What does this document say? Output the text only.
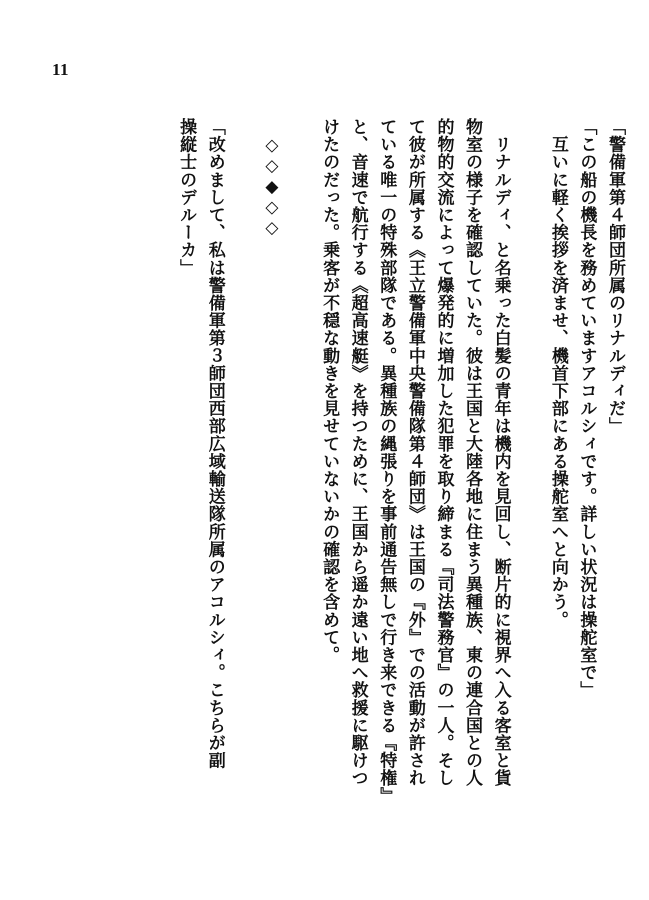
11

「警備軍第４師団所属のリナルディだ」

「この船の機長を務めていますアコルシィです。詳しい状況は操舵室で」

　互いに軽く挨拶を済ませ、機首下部にある操舵室へと向かう。

　リナルディ、と名乗った白髪の青年は機内を見回し、断片的に視界へ入る客室と貨

物室の様子を確認していた。彼は王国と大陸各地に住まう異種族、東の連合国との人

的物的交流によって爆発的に増加した犯罪を取り締まる『司法警務官』の一人。そし

て彼が所属する《王立警備軍中央警備隊第４師団》は王国の『外』での活動が許され

ている唯一の特殊部隊である。異種族の縄張りを事前通告無しで行き来できる『特権』

と、音速で航行する《超高速艇》を持つために、王国から遥か遠い地へ救援に駆けつ

けたのだった。乗客が不穏な動きを見せていないかの確認を含めて。

　◇◇◆◇◇

「改めまして、私は警備軍第３師団西部広域輸送隊所属のアコルシィ。こちらが副

操縦士のデルーカ」
